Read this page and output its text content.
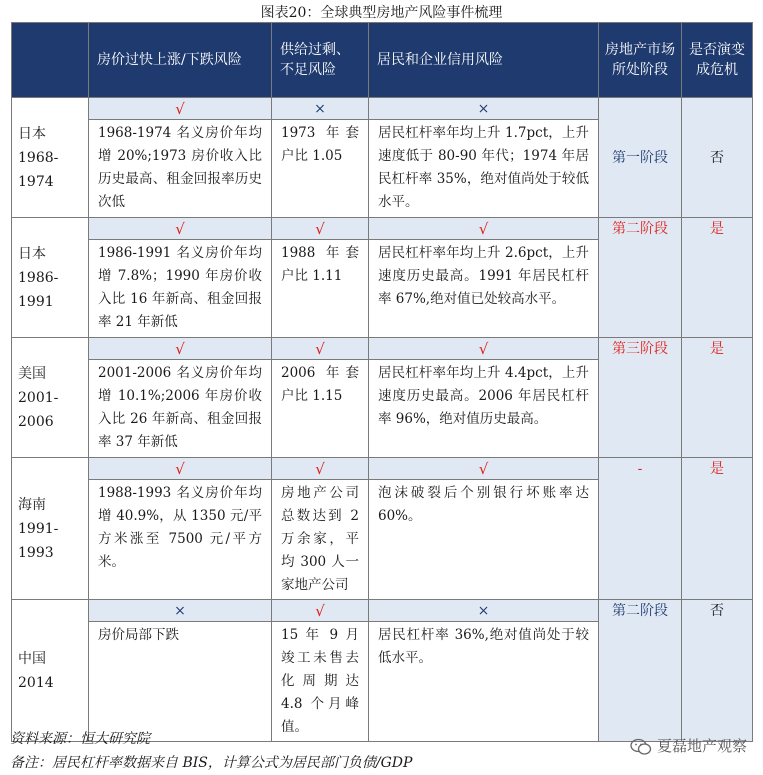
图表20：全球典型房地产风险事件梳理
	房价过快上涨/下跌风险	供给过剩、不足风险	居民和企业信用风险	房地产市场所处阶段	是否演变成危机

日本
1968-
1974	√	×	×	第一阶段	否
	1968-1974 名义房价年均增 20%;1973 房价收入比历史最高、租金回报率历史次低	1973 年套户比 1.05	居民杠杆率年均上升 1.7pct，上升速度低于 80-90 年代；1974 年居民杠杆率 35%，绝对值尚处于较低水平。		

日本
1986-
1991	√	√	√	第二阶段	是
	1986-1991 名义房价年均增 7.8%；1990 年房价收入比 16 年新高、租金回报率 21 年新低	1988 年套户比 1.11	居民杠杆率年均上升 2.6pct，上升速度历史最高。1991 年居民杠杆率 67%,绝对值已处较高水平。		

美国
2001-
2006	√	√	√	第三阶段	是
	2001-2006 名义房价年均增 10.1%;2006 年房价收入比 26 年新高、租金回报率 37 年新低	2006 年套户比 1.15	居民杠杆率年均上升 4.4pct，上升速度历史最高。2006 年居民杠杆率 96%，绝对值历史最高。		

海南
1991-
1993	√	√	√	-	是
	1988-1993 名义房价年均增 40.9%，从 1350 元/平方米涨至 7500 元/平方米。	房地产公司总数达到 2 万余家，平均 300 人一家地产公司	泡沫破裂后个别银行坏账率达 60%。		

中国
2014	×	√	×	第二阶段	否
	房价局部下跌	15 年 9 月竣工未售去化周期达 4.8 个月峰值。	居民杠杆率 36%,绝对值尚处于较低水平。		
资料来源：恒大研究院
备注：居民杠杆率数据来自 BIS，计算公式为居民部门负债/GDP
夏磊地产观察
